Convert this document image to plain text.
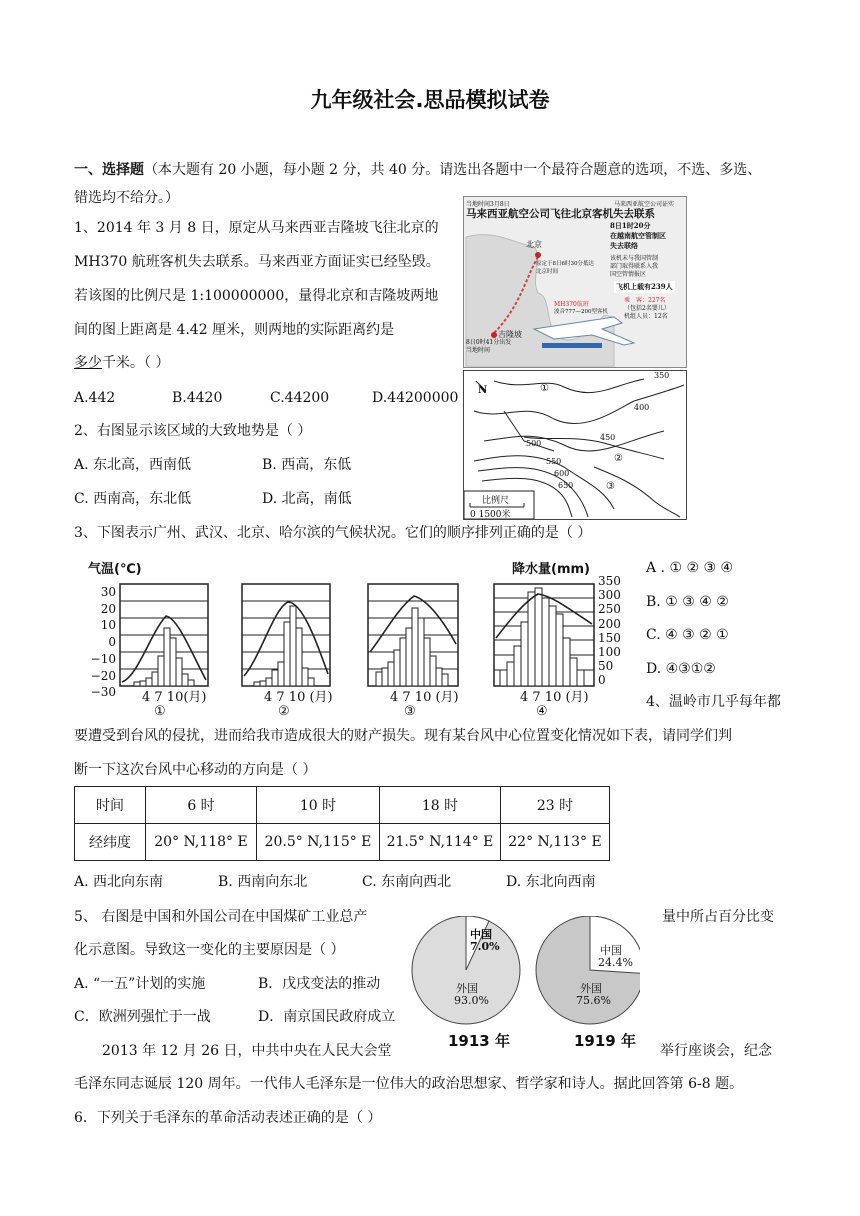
九年级社会.思品模拟试卷
一、选择题（本大题有 20 小题，每小题 2 分，共 40 分。请选出各题中一个最符合题意的选项，不选、多选、
错选均不给分。）
1、2014 年 3 月 8 日，原定从马来西亚吉隆坡飞往北京的
MH370 航班客机失去联系。马来西亚方面证实已经坠毁。
若该图的比例尺是 1:100000000，量得北京和吉隆坡两地
间的图上距离是 4.42 厘米，则两地的实际距离约是
多少千米。（ ）
A.442	B.4420	C.44200	D.44200000
当地时间3月8日	马来西亚航空公司证实
马来西亚航空公司飞往北京客机失去联系
北京
吉隆坡
原定于8日6时30分抵达
北京时间
8日0时41分出发
当地时间
8日1时20分
在越南航空管制区
失去联络
该机未与我国管制
部门取得联系入我
国空管情报区
飞机上载有239人
乘　客：227名
（包括2名婴儿）
机组人员：12名
MH370航班
波音777—200型客机
2、右图显示该区域的大致地势是（ ）
A. 东北高，西南低	B. 西高，东低
C. 西南高，东北低	D. 北高，南低
N
350
400
450
500
550
600
650
①
②
③
比例尺
0 1500米
3、下图表示广州、武汉、北京、哈尔滨的气候状况。它们的顺序排列正确的是（ ）
气温(℃)	降水量(mm)
30
20
10
0
−10
−20
−30
350
300
250
200
150
100
50
0
4 7 10(月)	4 7 10 (月)	4 7 10 (月)	4 7 10 (月)
①	②	③	④
A . ① ② ③ ④
B. ① ③ ④ ②
C. ④ ③ ② ①
D. ④③①②
4、温岭市几乎每年都
要遭受到台风的侵扰，进而给我市造成很大的财产损失。现有某台风中心位置变化情况如下表，请同学们判
断一下这次台风中心移动的方向是（ ）
时间	6 时	10 时	18 时	23 时
经纬度	20° N,118° E	20.5° N,115° E	21.5° N,114° E	22° N,113° E
A. 西北向东南	B. 西南向东北	C. 东南向西北	D. 东北向西南
5、 右图是中国和外国公司在中国煤矿工业总产	量中所占百分比变
化示意图。导致这一变化的主要原因是（ ）
A. “一五”计划的实施	B．戊戌变法的推动
C．欧洲列强忙于一战	D．南京国民政府成立
中国
7.0%
外国
93.0%
中国
24.4%
外国
75.6%
1913 年	1919 年
2013 年 12 月 26 日，中共中央在人民大会堂	举行座谈会，纪念
毛泽东同志诞辰 120 周年。一代伟人毛泽东是一位伟大的政治思想家、哲学家和诗人。据此回答第 6-8 题。
6．下列关于毛泽东的革命活动表述正确的是（ ）
